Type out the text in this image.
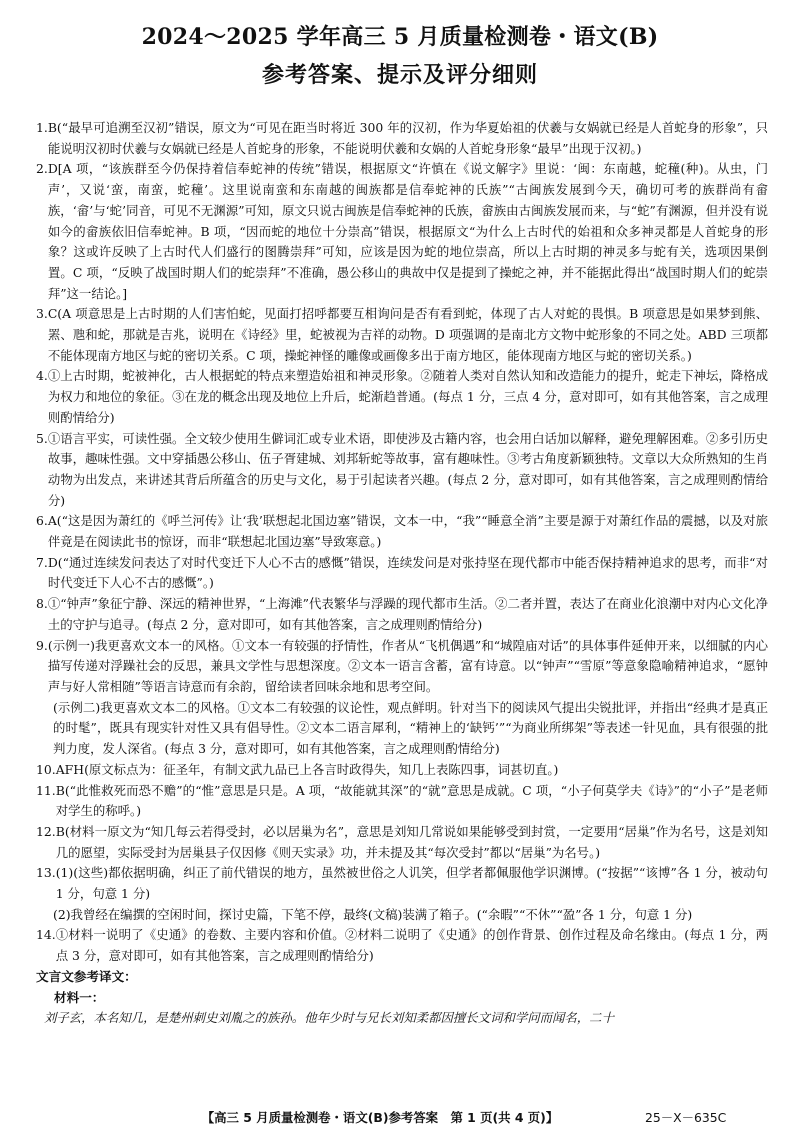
2024～2025 学年高三 5 月质量检测卷・语文(B)
参考答案、提示及评分细则
1. B(“最早可追溯至汉初”错误，原文为“可见在距当时将近 300 年的汉初，作为华夏始祖的伏羲与女娲就已经是人首蛇身的形象”，只能说明汉初时伏羲与女娲就已经是人首蛇身的形象，不能说明伏羲和女娲的人首蛇身形象“最早”出现于汉初。)
2. D[A 项，“该族群至今仍保持着信奉蛇神的传统”错误，根据原文“许慎在《说文解字》里说：‘闽：东南越，蛇穜(种)。从虫，门声’，又说‘蛮，南蛮，蛇穜’。这里说南蛮和东南越的闽族都是信奉蛇神的氏族”“古闽族发展到今天，确切可考的族群尚有畲族，‘畲’与‘蛇’同音，可见不无渊源”可知，原文只说古闽族是信奉蛇神的氏族，畲族由古闽族发展而来，与“蛇”有渊源，但并没有说如今的畲族依旧信奉蛇神。B 项，“因而蛇的地位十分崇高”错误，根据原文“为什么上古时代的始祖和众多神灵都是人首蛇身的形象？这或许反映了上古时代人们盛行的图腾崇拜”可知，应该是因为蛇的地位崇高，所以上古时期的神灵多与蛇有关，选项因果倒置。C 项，“反映了战国时期人们的蛇崇拜”不准确，愚公移山的典故中仅是提到了操蛇之神，并不能据此得出“战国时期人们的蛇崇拜”这一结论。]
3. C(A 项意思是上古时期的人们害怕蛇，见面打招呼都要互相询问是否有看到蛇，体现了古人对蛇的畏惧。B 项意思是如果梦到熊、罴、虺和蛇，那就是吉兆，说明在《诗经》里，蛇被视为吉祥的动物。D 项强调的是南北方文物中蛇形象的不同之处。ABD 三项都不能体现南方地区与蛇的密切关系。C 项，操蛇神怪的雕像或画像多出于南方地区，能体现南方地区与蛇的密切关系。)
4. ①上古时期，蛇被神化，古人根据蛇的特点来塑造始祖和神灵形象。②随着人类对自然认知和改造能力的提升，蛇走下神坛，降格成为权力和地位的象征。③在龙的概念出现及地位上升后，蛇渐趋普通。(每点 1 分，三点 4 分，意对即可，如有其他答案，言之成理则酌情给分)
5. ①语言平实，可读性强。全文较少使用生僻词汇或专业术语，即使涉及古籍内容，也会用白话加以解释，避免理解困难。②多引历史故事，趣味性强。文中穿插愚公移山、伍子胥建城、刘邦斩蛇等故事，富有趣味性。③考古角度新颖独特。文章以大众所熟知的生肖动物为出发点，来讲述其背后所蕴含的历史与文化，易于引起读者兴趣。(每点 2 分，意对即可，如有其他答案，言之成理则酌情给分)
6. A(“这是因为萧红的《呼兰河传》让‘我’联想起北国边塞”错误，文本一中，“我”“睡意全消”主要是源于对萧红作品的震撼，以及对旅伴竟是在阅读此书的惊讶，而非“联想起北国边塞”导致寒意。)
7. D(“通过连续发问表达了对时代变迁下人心不古的感慨”错误，连续发问是对张持坚在现代都市中能否保持精神追求的思考，而非“对时代变迁下人心不古的感慨”。)
8. ①“钟声”象征宁静、深远的精神世界，“上海滩”代表繁华与浮躁的现代都市生活。②二者并置，表达了在商业化浪潮中对内心文化净土的守护与追寻。(每点 2 分，意对即可，如有其他答案，言之成理则酌情给分)
9. (示例一)我更喜欢文本一的风格。①文本一有较强的抒情性，作者从“飞机偶遇”和“城隍庙对话”的具体事件延伸开来，以细腻的内心描写传递对浮躁社会的反思，兼具文学性与思想深度。②文本一语言含蓄，富有诗意。以“钟声”“雪原”等意象隐喻精神追求，“愿钟声与好人常相随”等语言诗意而有余韵，留给读者回味余地和思考空间。
(示例二)我更喜欢文本二的风格。①文本二有较强的议论性，观点鲜明。针对当下的阅读风气提出尖锐批评，并指出“经典才是真正的时髦”，既具有现实针对性又具有倡导性。②文本二语言犀利，“精神上的‘缺钙’”“为商业所绑架”等表述一针见血，具有很强的批判力度，发人深省。(每点 3 分，意对即可，如有其他答案，言之成理则酌情给分)
10. AFH(原文标点为：征圣年，有制文武九品已上各言时政得失，知几上表陈四事，词甚切直。)
11. B(“此惟救死而恐不赡”的“惟”意思是只是。A 项，“故能就其深”的“就”意思是成就。C 项，“小子何莫学夫《诗》”的“小子”是老师对学生的称呼。)
12. B(材料一原文为“知几每云若得受封，必以居巢为名”，意思是刘知几常说如果能够受到封赏，一定要用“居巢”作为名号，这是刘知几的愿望，实际受封为居巢县子仅因修《则天实录》功，并未提及其“每次受封”都以“居巢”为名号。)
13. (1)(这些)都依据明确，纠正了前代错误的地方，虽然被世俗之人讥笑，但学者都佩服他学识渊博。(“按据”“该博”各 1 分，被动句 1 分，句意 1 分)
(2)我曾经在编撰的空闲时间，探讨史篇，下笔不停，最终(文稿)装满了箱子。(“余暇”“不休”“盈”各 1 分，句意 1 分)
14. ①材料一说明了《史通》的卷数、主要内容和价值。②材料二说明了《史通》的创作背景、创作过程及命名缘由。(每点 1 分，两点 3 分，意对即可，如有其他答案，言之成理则酌情给分)
文言文参考译文：
材料一：
刘子玄，本名知几，是楚州刺史刘胤之的族孙。他年少时与兄长刘知柔都因擅长文词和学问而闻名，二十
【高三 5 月质量检测卷・语文(B)参考答案　第 1 页(共 4 页)】	25－X－635C
